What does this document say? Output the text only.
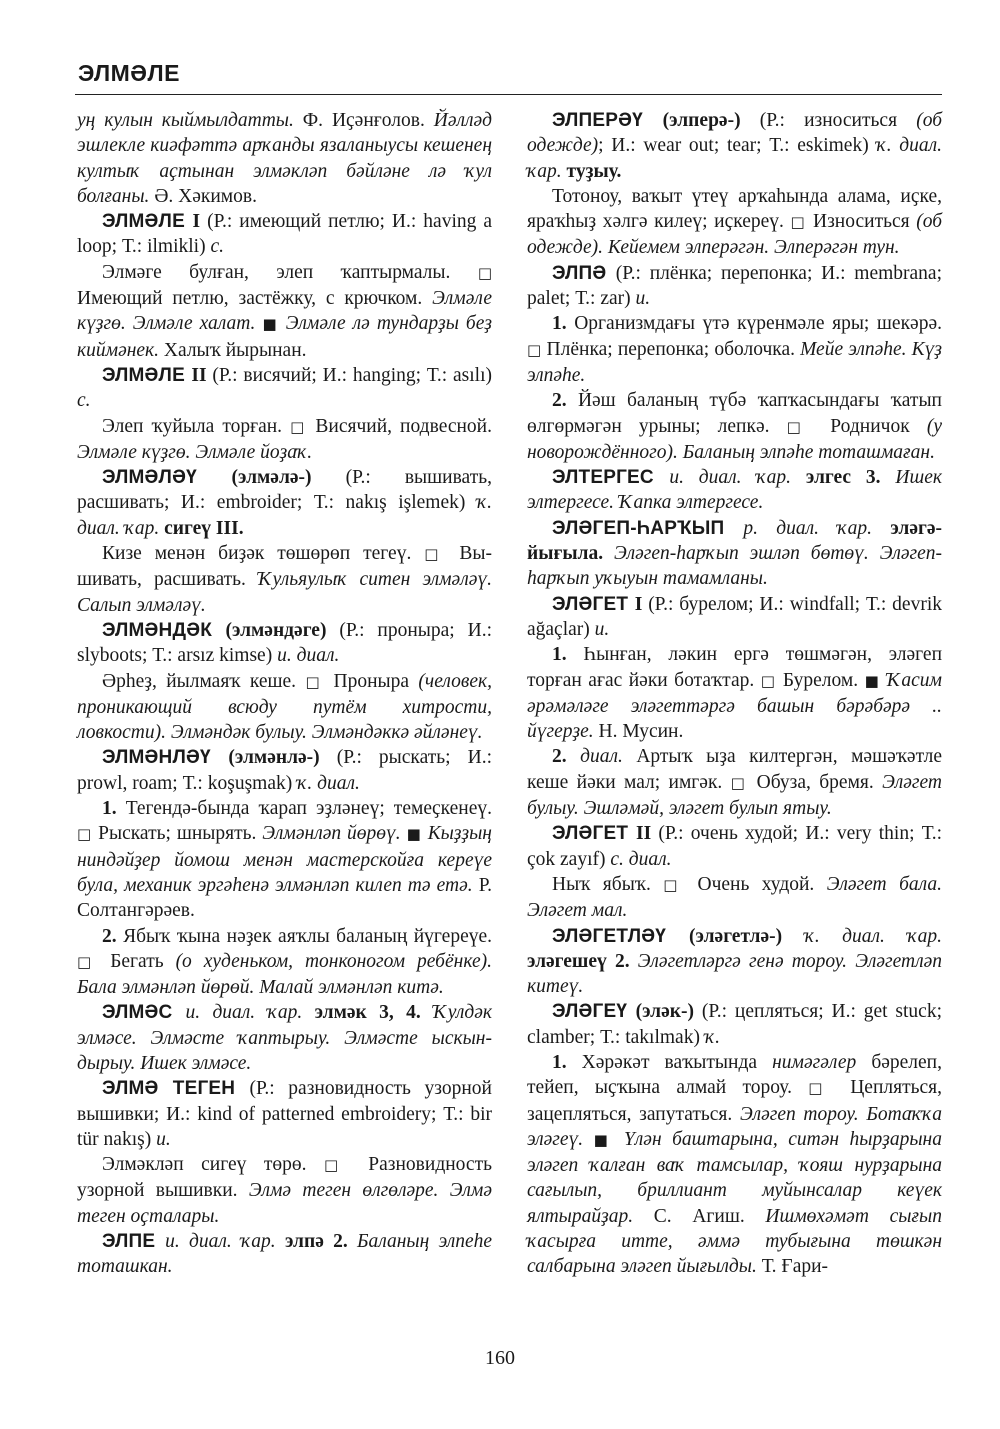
ЭЛМӘЛЕ

уң кулын кыймылдатты. Ф. Иҫәнғолов. Йәлләд эшлекле киәфәттә арҡанды язаланыусы кешенең култыҡ аҫтынан элмәкләп бәйләне лә ҡул болғаны. Ә. Хәкимов.

ЭЛМӘЛЕ I (Р.: имеющий петлю; И.: having a loop; Т.: ilmikli) с.

Элмәге булған, элеп ҡаптырмалы. □ Имеющий петлю, застёжку, с крючком. Элмәле күҙгө. Элмәле халат. ■ Элмәле лә тундарҙы беҙ киймәнек. Халыҡ йырынан.

ЭЛМӘЛЕ II (Р.: висячий; И.: hanging; Т.: asılı) с.

Элеп ҡуйыла торған. □ Висячий, подвесной. Элмәле күҙгө. Элмәле йоҙаҡ.

ЭЛМӘЛӘҮ (элмәлә-) (Р.: вышивать, расшивать; И.: embroider; Т.: nakış işlemek) ҡ. диал. ҡар. сигеү III.

Кизе менән биҙәк төшөрөп тегеү. □ Вышивать, расшивать. Ҡульяулыҡ ситен элмәләү. Салып элмәләү.

ЭЛМӘНДӘК (элмәндәге) (Р.: проныра; И.: slyboots; Т.: arsız kimse) и. диал.

Әрһеҙ, йылмаяҡ кеше. □ Проныра (человек, проникающий всюду путём хитрости, ловкости). Элмәндәк булыу. Элмәндәккә әйләнеү.

ЭЛМӘНЛӘҮ (элмәнлә-) (Р.: рыскать; И.: prowl, roam; Т.: koşuşmak) ҡ. диал.

1. Тегендә-бында ҡарап эҙләнеү; темеҫкенеү. □ Рыскать; шнырять. Элмәнләп йөрөү. ■ Кыҙҙың ниндәйҙер йомош менән мастерскойға кереүе була, механик эргәһенә элмәнләп килеп тә етә. Р. Солтангәрәев.

2. Ябыҡ ҡына нәҙек аяҡлы баланың йүгереүе. □ Бегать (о худеньком, тонконогом ребёнке). Бала элмәнләп йөрөй. Малай элмәнләп китә.

ЭЛМӘС и. диал. ҡар. элмәк 3, 4. Ҡулдәк элмәсе. Элмәсте ҡаптырыу. Элмәсте ыскындырыу. Ишек элмәсе.

ЭЛМӘ ТЕГЕН (Р.: разновидность узорной вышивки; И.: kind of patterned embroidery; Т.: bir tür nakış) и.

Элмәкләп сигеү төрө. □ Разновидность узорной вышивки. Элмә теген өлгөләре. Элмә теген оҫталары.

ЭЛПЕ и. диал. ҡар. элпә 2. Баланың элпеһе тоташкан.

ЭЛПЕРӘҮ (элперә-) (Р.: износиться (об одежде); И.: wear out; tear; Т.: eskimek) ҡ. диал. ҡар. туҙыу.

Тотоноу, ваҡыт үтеү арҡаһында алама, иҫке, яраҡһыҙ хәлгә килеү; иҫкереү. □ Износиться (об одежде). Кейемем элперәгән. Элперәгән тун.

ЭЛПӘ (Р.: плёнка; перепонка; И.: membrana; palet; Т.: zar) и.

1. Организмдағы үтә күренмәле яры; шекәрә. □ Плёнка; перепонка; оболочка. Мейе элпәһе. Күҙ элпәһе.

2. Йәш баланың түбә ҡапҡасындағы ҡатып өлгөрмәгән урыны; лепкә. □ Родничок (у новорождённого). Баланың элпәһе тоташмаған.

ЭЛТЕРГЕС и. диал. ҡар. элгес 3. Ишек элтергесе. Ҡапка элтергесе.

ЭЛӘГЕП-ҺАРҠЫП р. диал. ҡар. эләгәйығыла. Эләгеп-һарҡып эшләп бөтөү. Эләгеп-һарҡып уҡыуын тамамланы.

ЭЛӘГЕТ I (Р.: бурелом; И.: windfall; Т.: devrik ağaçlar) и.

1. Һынған, ләкин ергә төшмәгән, эләгеп торған ағас йәки ботаҡтар. □ Бурелом. ■ Ҡасим әрәмәләге эләгеттәргә башын бәрәбәрә .. йүгерҙе. Н. Мусин.

2. диал. Артыҡ ыҙа килтергән, мәшәҡәтле кеше йәки мал; имгәк. □ Обуза, бремя. Эләгет булыу. Эшләмәй, эләгет булып ятыу.

ЭЛӘГЕТ II (Р.: очень худой; И.: very thin; Т.: çok zayıf) с. диал.

Ныҡ ябыҡ. □ Очень худой. Эләгет бала. Эләгет мал.

ЭЛӘГЕТЛӘҮ (эләгетлә-) ҡ. диал. ҡар. эләгешеү 2. Эләгетләргә генә тороу. Эләгетләп китеү.

ЭЛӘГЕҮ (эләк-) (Р.: цепляться; И.: get stuck; clamber; Т.: takılmak) ҡ.

1. Хәрәкәт ваҡытында нимәгәлер бәрелеп, тейеп, ыҫҡына алмай тороу. □ Цепляться, зацепляться, запутаться. Эләгеп тороу. Ботаҡҡа эләгеү. ■ Үлән баштарына, ситән һырҙарына эләгеп ҡалған ваҡ тамсылар, ҡояш нурҙарына сағылып, бриллиант муйынсалар кеүек ялтырайҙар. С. Агиш. Ишмөхәмәт сығып ҡасырға итте, әммә тубығына төшкән салбарына эләгеп йығылды. Т. Ғари-

160
